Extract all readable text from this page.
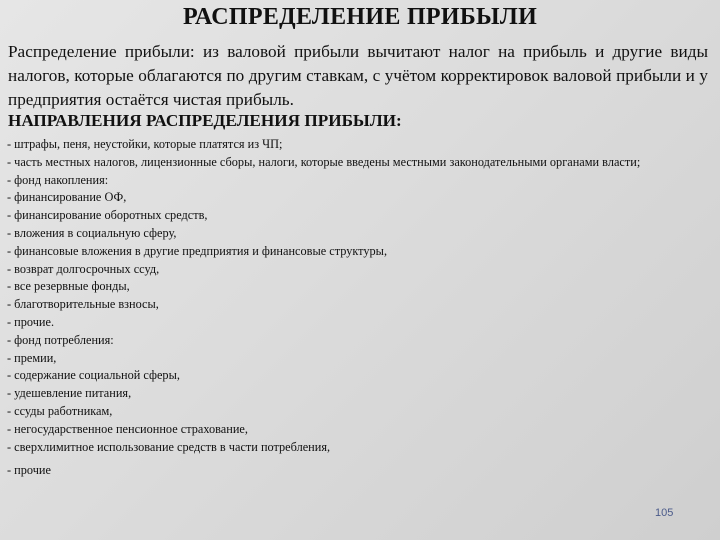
РАСПРЕДЕЛЕНИЕ ПРИБЫЛИ
Распределение прибыли: из валовой прибыли вычитают налог на прибыль и другие виды налогов, которые облагаются по другим ставкам, с учётом корректировок валовой прибыли и у предприятия остаётся чистая прибыль.
НАПРАВЛЕНИЯ РАСПРЕДЕЛЕНИЯ ПРИБЫЛИ:
- штрафы, пеня, неустойки, которые платятся из ЧП;
- часть местных налогов, лицензионные сборы, налоги, которые введены местными законодательными органами власти;
- фонд накопления:
- финансирование ОФ,
- финансирование оборотных средств,
- вложения в социальную сферу,
- финансовые вложения в другие предприятия и финансовые структуры,
- возврат долгосрочных ссуд,
- все резервные фонды,
- благотворительные взносы,
- прочие.
- фонд потребления:
- премии,
- содержание социальной сферы,
- удешевление питания,
- ссуды работникам,
- негосударственное пенсионное страхование,
- сверхлимитное использование средств в части потребления,
- прочие
105
